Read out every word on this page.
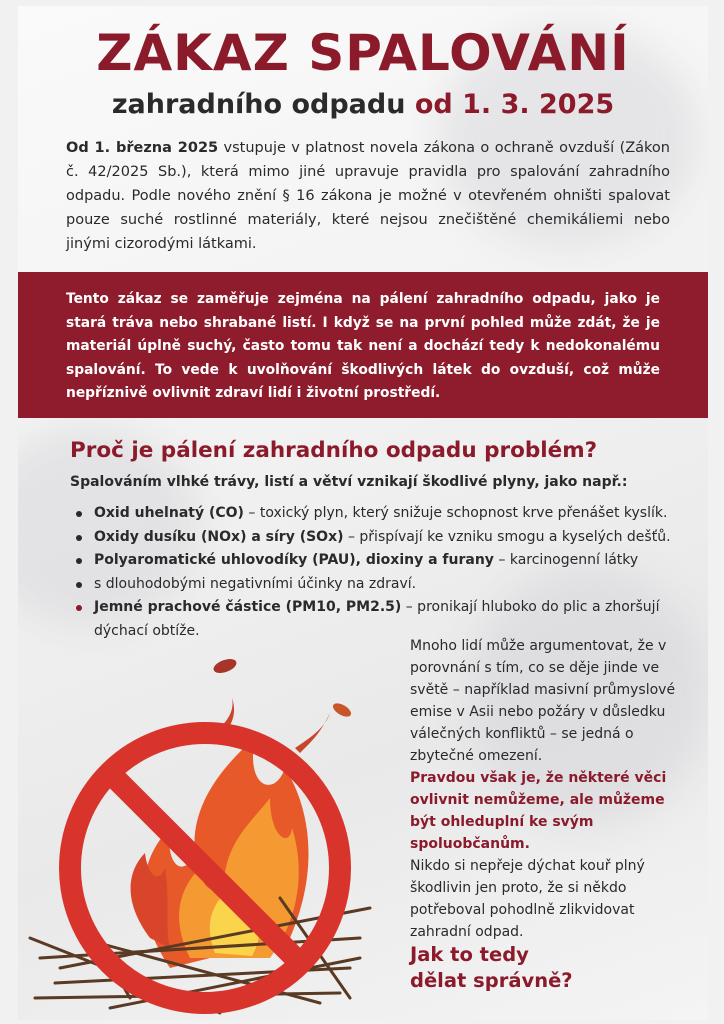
ZÁKAZ SPALOVÁNÍ
zahradního odpadu od 1. 3. 2025
Od 1. března 2025 vstupuje v platnost novela zákona o ochraně ovzduší (Zákon č. 42/2025 Sb.), která mimo jiné upravuje pravidla pro spalování zahradního odpadu. Podle nového znění § 16 zákona je možné v otevřeném ohništi spalovat pouze suché rostlinné materiály, které nejsou znečištěné chemikáliemi nebo jinými cizorodými látkami.

Tento zákaz se zaměřuje zejména na pálení zahradního odpadu, jako je stará tráva nebo shrabané listí. I když se na první pohled může zdát, že je materiál úplně suchý, často tomu tak není a dochází tedy k nedokonalému spalování. To vede k uvolňování škodlivých látek do ovzduší, což může nepříznivě ovlivnit zdraví lidí i životní prostředí.

Proč je pálení zahradního odpadu problém?
Spalováním vlhké trávy, listí a větví vznikají škodlivé plyny, jako např.:
Oxid uhelnatý (CO) – toxický plyn, který snižuje schopnost krve přenášet kyslík.
Oxidy dusíku (NOx) a síry (SOx) – přispívají ke vzniku smogu a kyselých dešťů.
Polyaromatické uhlovodíky (PAU), dioxiny a furany – karcinogenní látky
s dlouhodobými negativními účinky na zdraví.
Jemné prachové částice (PM10, PM2.5) – pronikají hluboko do plic a zhoršují dýchací obtíže.

Mnoho lidí může argumentovat, že v porovnání s tím, co se děje jinde ve světě – například masivní průmyslové emise v Asii nebo požáry v důsledku válečných konfliktů – se jedná o zbytečné omezení.

Pravdou však je, že některé věci ovlivnit nemůžeme, ale můžeme být ohleduplní ke svým spoluobčanům.

Nikdo si nepřeje dýchat kouř plný škodlivin jen proto, že si někdo potřeboval pohodlně zlikvidovat zahradní odpad.

Jak to tedy
dělat správně?
